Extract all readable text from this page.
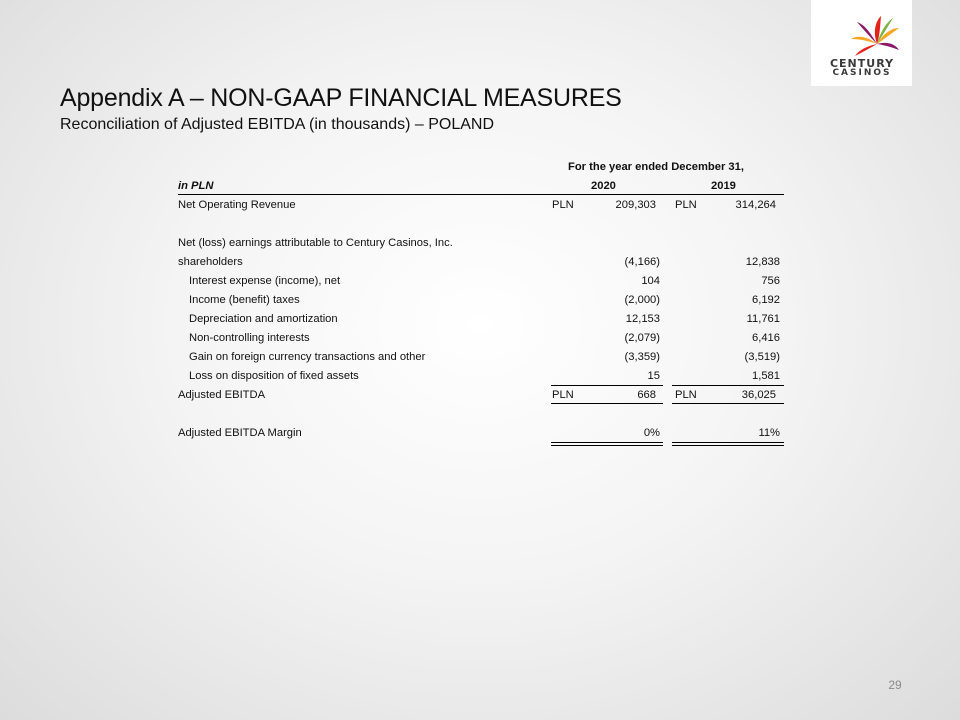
CENTURY
CASINOS
Appendix A – NON-GAAP FINANCIAL MEASURES
Reconciliation of Adjusted EBITDA (in thousands) – POLAND
For the year ended December 31,
in PLN	2020	2019
Net Operating Revenue	PLN	209,303 PLN	314,264
Net (loss) earnings attributable to Century Casinos, Inc.
shareholders	(4,166)	12,838
Interest expense (income), net	104	756
Income (benefit) taxes	(2,000)	6,192
Depreciation and amortization	12,153	11,761
Non-controlling interests	(2,079)	6,416
Gain on foreign currency transactions and other	(3,359)	(3,519)
Loss on disposition of fixed assets	15	1,581
Adjusted EBITDA	PLN	668 PLN	36,025
Adjusted EBITDA Margin	0%	11%
29
